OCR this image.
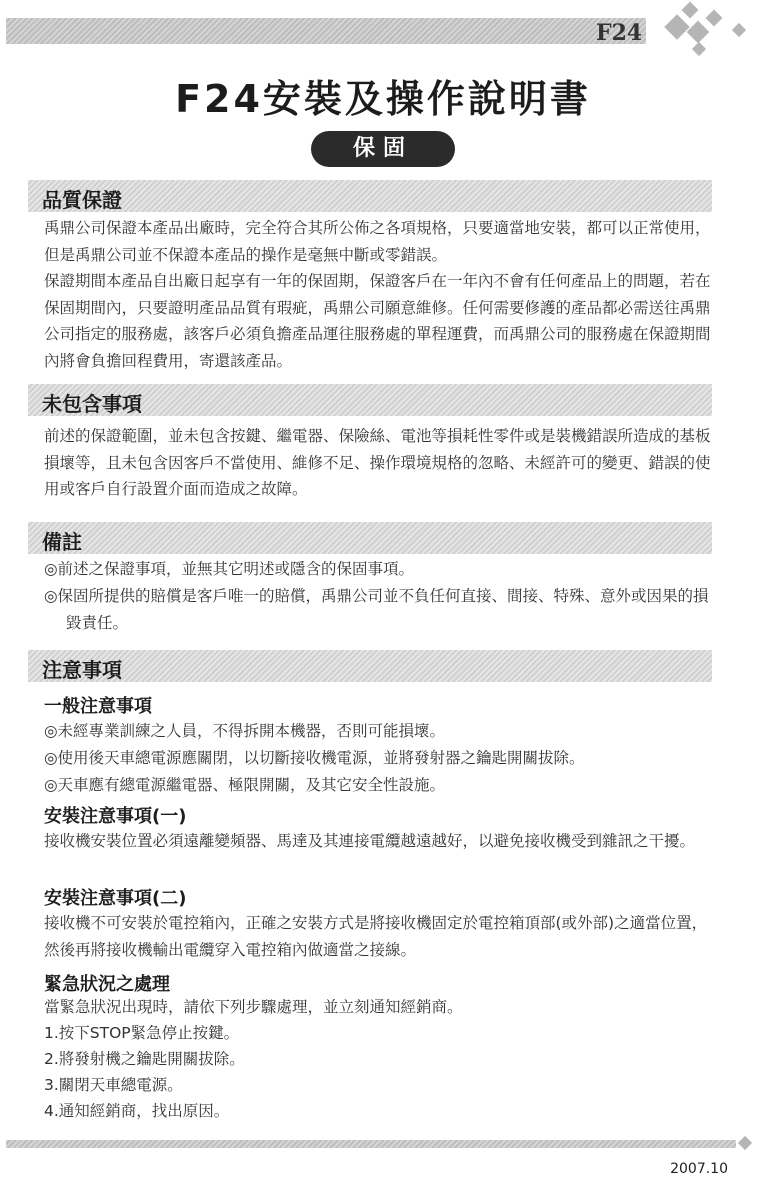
F24
F24安裝及操作說明書
保固
品質保證
禹鼎公司保證本產品出廠時，完全符合其所公佈之各項規格，只要適當地安裝，都可以正常使用，但是禹鼎公司並不保證本產品的操作是毫無中斷或零錯誤。
保證期間本產品自出廠日起享有一年的保固期，保證客戶在一年內不會有任何產品上的問題，若在保固期間內，只要證明產品品質有瑕疵，禹鼎公司願意維修。任何需要修護的產品都必需送往禹鼎公司指定的服務處，該客戶必須負擔產品運往服務處的單程運費，而禹鼎公司的服務處在保證期間內將會負擔回程費用，寄還該產品。
未包含事項
前述的保證範圍，並未包含按鍵、繼電器、保險絲、電池等損耗性零件或是裝機錯誤所造成的基板損壞等，且未包含因客戶不當使用、維修不足、操作環境規格的忽略、未經許可的變更、錯誤的使用或客戶自行設置介面而造成之故障。
備註
◎前述之保證事項，並無其它明述或隱含的保固事項。
◎保固所提供的賠償是客戶唯一的賠償，禹鼎公司並不負任何直接、間接、特殊、意外或因果的損毀責任。
注意事項
一般注意事項
◎未經專業訓練之人員，不得拆開本機器，否則可能損壞。
◎使用後天車總電源應關閉，以切斷接收機電源，並將發射器之鑰匙開關拔除。
◎天車應有總電源繼電器、極限開關，及其它安全性設施。
安裝注意事項(一)
接收機安裝位置必須遠離變頻器、馬達及其連接電纜越遠越好，以避免接收機受到雜訊之干擾。
安裝注意事項(二)
接收機不可安裝於電控箱內，正確之安裝方式是將接收機固定於電控箱頂部(或外部)之適當位置，然後再將接收機輸出電纜穿入電控箱內做適當之接線。
緊急狀況之處理
當緊急狀況出現時，請依下列步驟處理，並立刻通知經銷商。
1.按下STOP緊急停止按鍵。
2.將發射機之鑰匙開關拔除。
3.關閉天車總電源。
4.通知經銷商，找出原因。
2007.10
